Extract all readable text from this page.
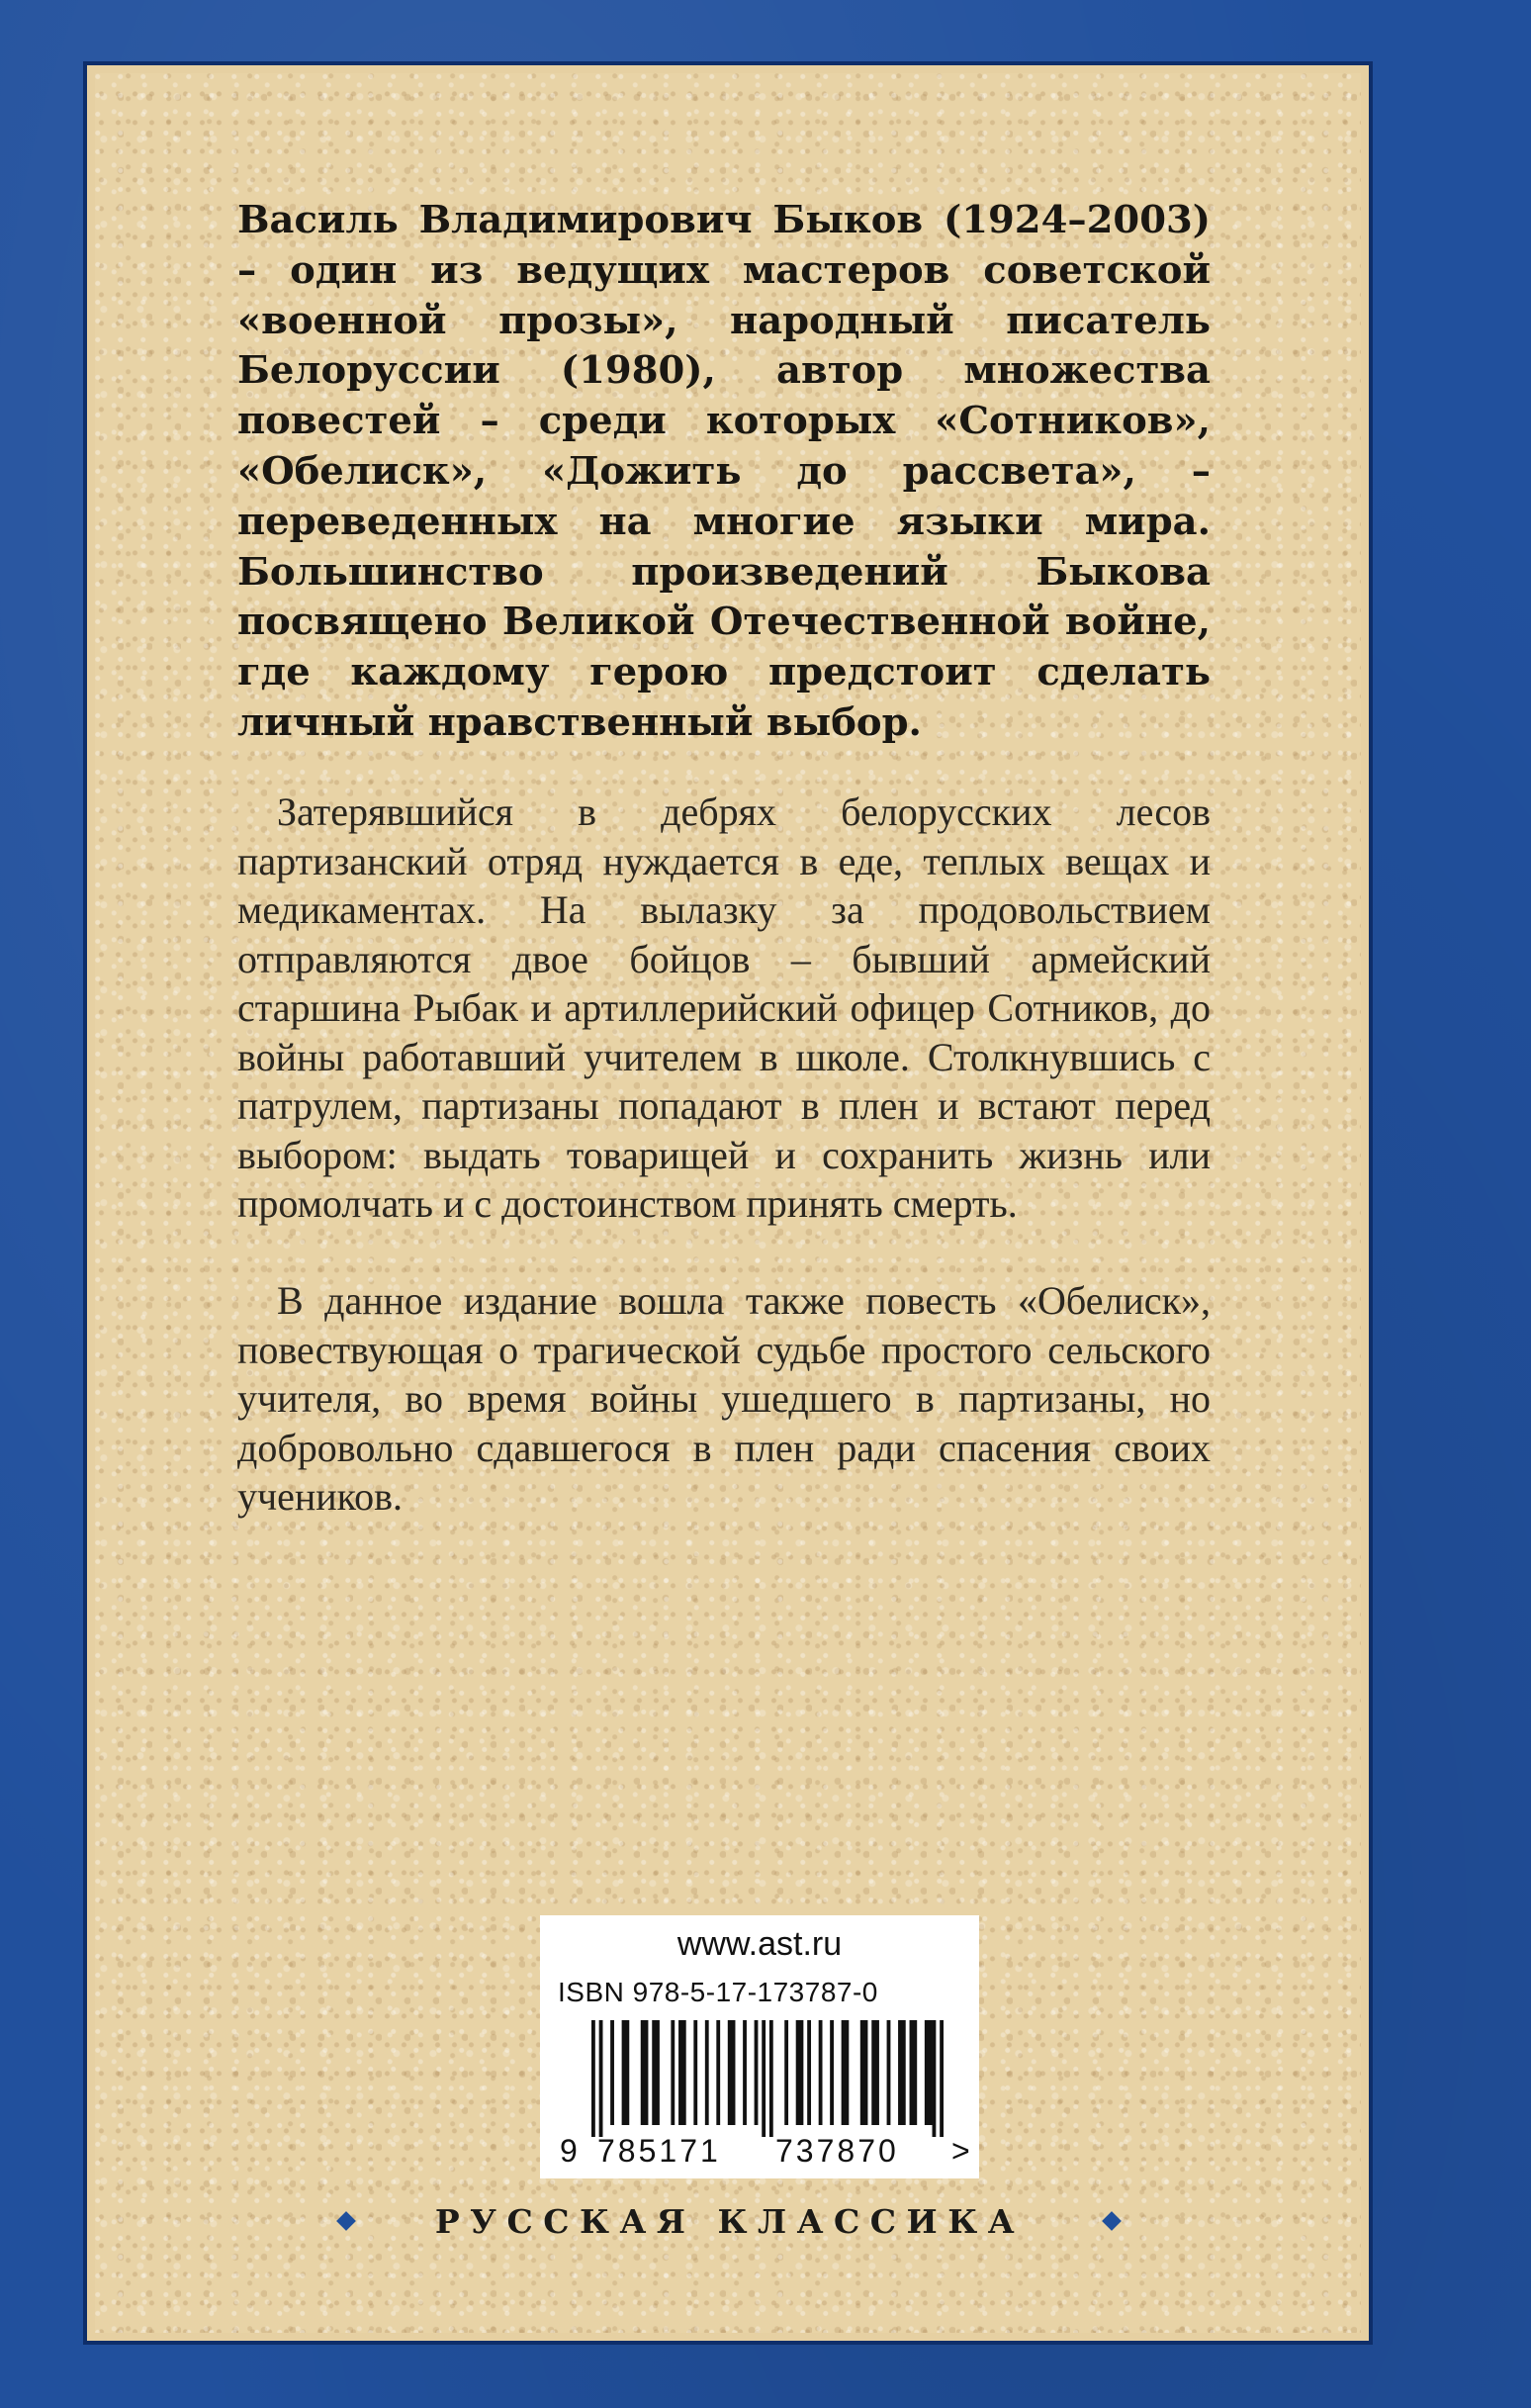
Василь Владимирович Быков (1924–2003) – один из ведущих мастеров советской «военной прозы», народный писатель Белоруссии (1980), автор множества повестей – среди которых «Сотников», «Обелиск», «Дожить до рассвета», – переведенных на многие языки мира. Большинство произведений Быкова посвящено Великой Отечественной войне, где каждому герою предстоит сделать личный нравственный выбор.

Затерявшийся в дебрях белорусских лесов партизанский отряд нуждается в еде, теплых вещах и медикаментах. На вылазку за продовольствием отправляются двое бойцов – бывший армейский старшина Рыбак и артиллерийский офицер Сотников, до войны работавший учителем в школе. Столкнувшись с патрулем, партизаны попадают в плен и встают перед выбором: выдать товарищей и сохранить жизнь или промолчать и с достоинством принять смерть.

В данное издание вошла также повесть «Обелиск», повествующая о трагической судьбе простого сельского учителя, во время войны ушедшего в партизаны, но добровольно сдавшегося в плен ради спасения своих учеников.

www.ast.ru
ISBN 978-5-17-173787-0
9 785171 737870 >
РУССКАЯ КЛАССИКА
